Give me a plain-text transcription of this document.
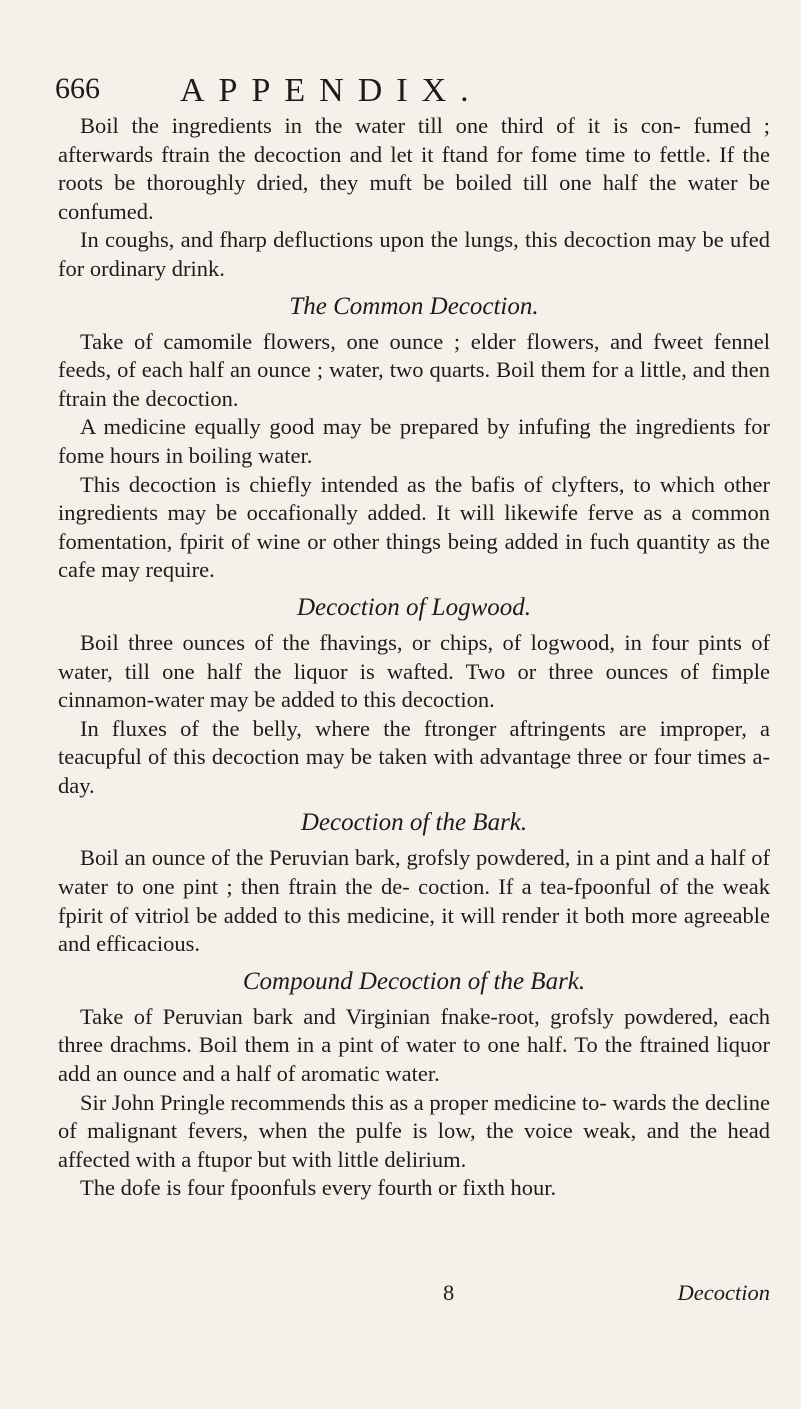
666 APPENDIX.

Boil the ingredients in the water till one third of it is con- fumed ; afterwards ftrain the decoction and let it ftand for fome time to fettle. If the roots be thoroughly dried, they muft be boiled till one half the water be confumed.

In coughs, and fharp defluctions upon the lungs, this decoction may be ufed for ordinary drink.

The Common Decoction.

Take of camomile flowers, one ounce ; elder flowers, and fweet fennel feeds, of each half an ounce ; water, two quarts. Boil them for a little, and then ftrain the decoction.

A medicine equally good may be prepared by infufing the ingredients for fome hours in boiling water.

This decoction is chiefly intended as the bafis of clyfters, to which other ingredients may be occafionally added. It will likewife ferve as a common fomentation, fpirit of wine or other things being added in fuch quantity as the cafe may require.

Decoction of Logwood.

Boil three ounces of the fhavings, or chips, of logwood, in four pints of water, till one half the liquor is wafted. Two or three ounces of fimple cinnamon-water may be added to this decoction.

In fluxes of the belly, where the ftronger aftringents are improper, a teacupful of this decoction may be taken with advantage three or four times a-day.

Decoction of the Bark.

Boil an ounce of the Peruvian bark, grofsly powdered, in a pint and a half of water to one pint ; then ftrain the de- coction. If a tea-fpoonful of the weak fpirit of vitriol be added to this medicine, it will render it both more agreeable and efficacious.

Compound Decoction of the Bark.

Take of Peruvian bark and Virginian fnake-root, grofsly powdered, each three drachms. Boil them in a pint of water to one half. To the ftrained liquor add an ounce and a half of aromatic water.

Sir John Pringle recommends this as a proper medicine to- wards the decline of malignant fevers, when the pulfe is low, the voice weak, and the head affected with a ftupor but with little delirium.

The dofe is four fpoonfuls every fourth or fixth hour.

8	Decoction
